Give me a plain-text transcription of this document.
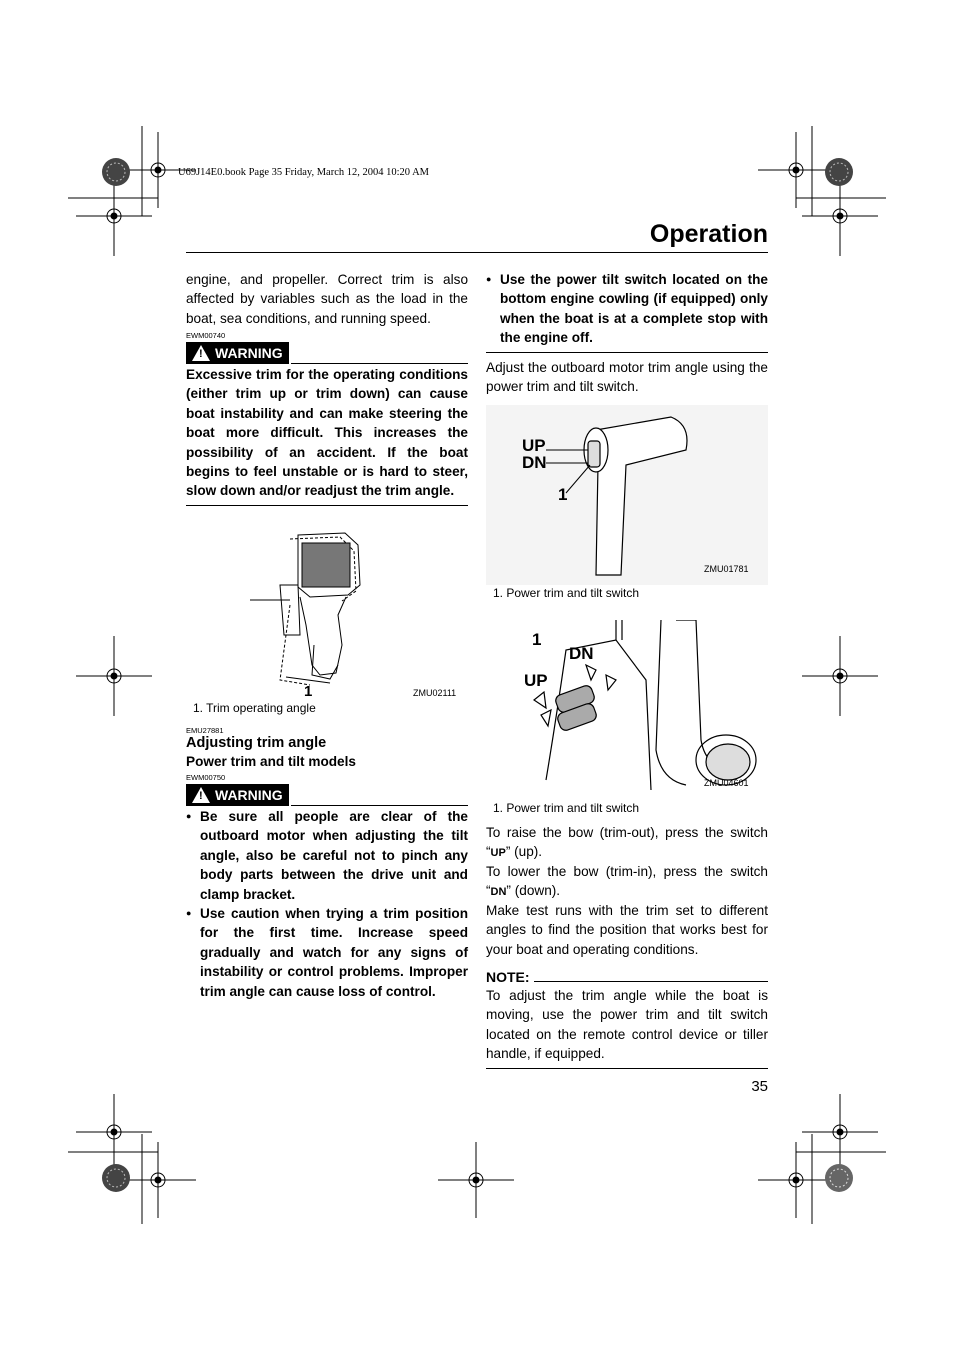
U69J14E0.book Page 35 Friday, March 12, 2004 10:20 AM
Operation
engine, and propeller. Correct trim is also affected by variables such as the load in the boat, sea conditions, and running speed.
EWM00740
! WARNING
Excessive trim for the operating conditions (either trim up or trim down) can cause boat instability and can make steering the boat more difficult. This increases the possibility of an accident. If the boat begins to feel unstable or is hard to steer, slow down and/or readjust the trim angle.
1	ZMU02111
1. Trim operating angle
EMU27881
Adjusting trim angle
Power trim and tilt models
EWM00750
! WARNING
● Be sure all people are clear of the outboard motor when adjusting the tilt angle, also be careful not to pinch any body parts between the drive unit and clamp bracket.
● Use caution when trying a trim position for the first time. Increase speed gradually and watch for any signs of instability or control problems. Improper trim angle can cause loss of control.
● Use the power tilt switch located on the bottom engine cowling (if equipped) only when the boat is at a complete stop with the engine off.
Adjust the outboard motor trim angle using the power trim and tilt switch.
UP
DN
1
ZMU01781
1. Power trim and tilt switch
1
DN
UP
ZMU04601
1. Power trim and tilt switch
To raise the bow (trim-out), press the switch “UP” (up).
To lower the bow (trim-in), press the switch “DN” (down).
Make test runs with the trim set to different angles to find the position that works best for your boat and operating conditions.
NOTE:
To adjust the trim angle while the boat is moving, use the power trim and tilt switch located on the remote control device or tiller handle, if equipped.
35
